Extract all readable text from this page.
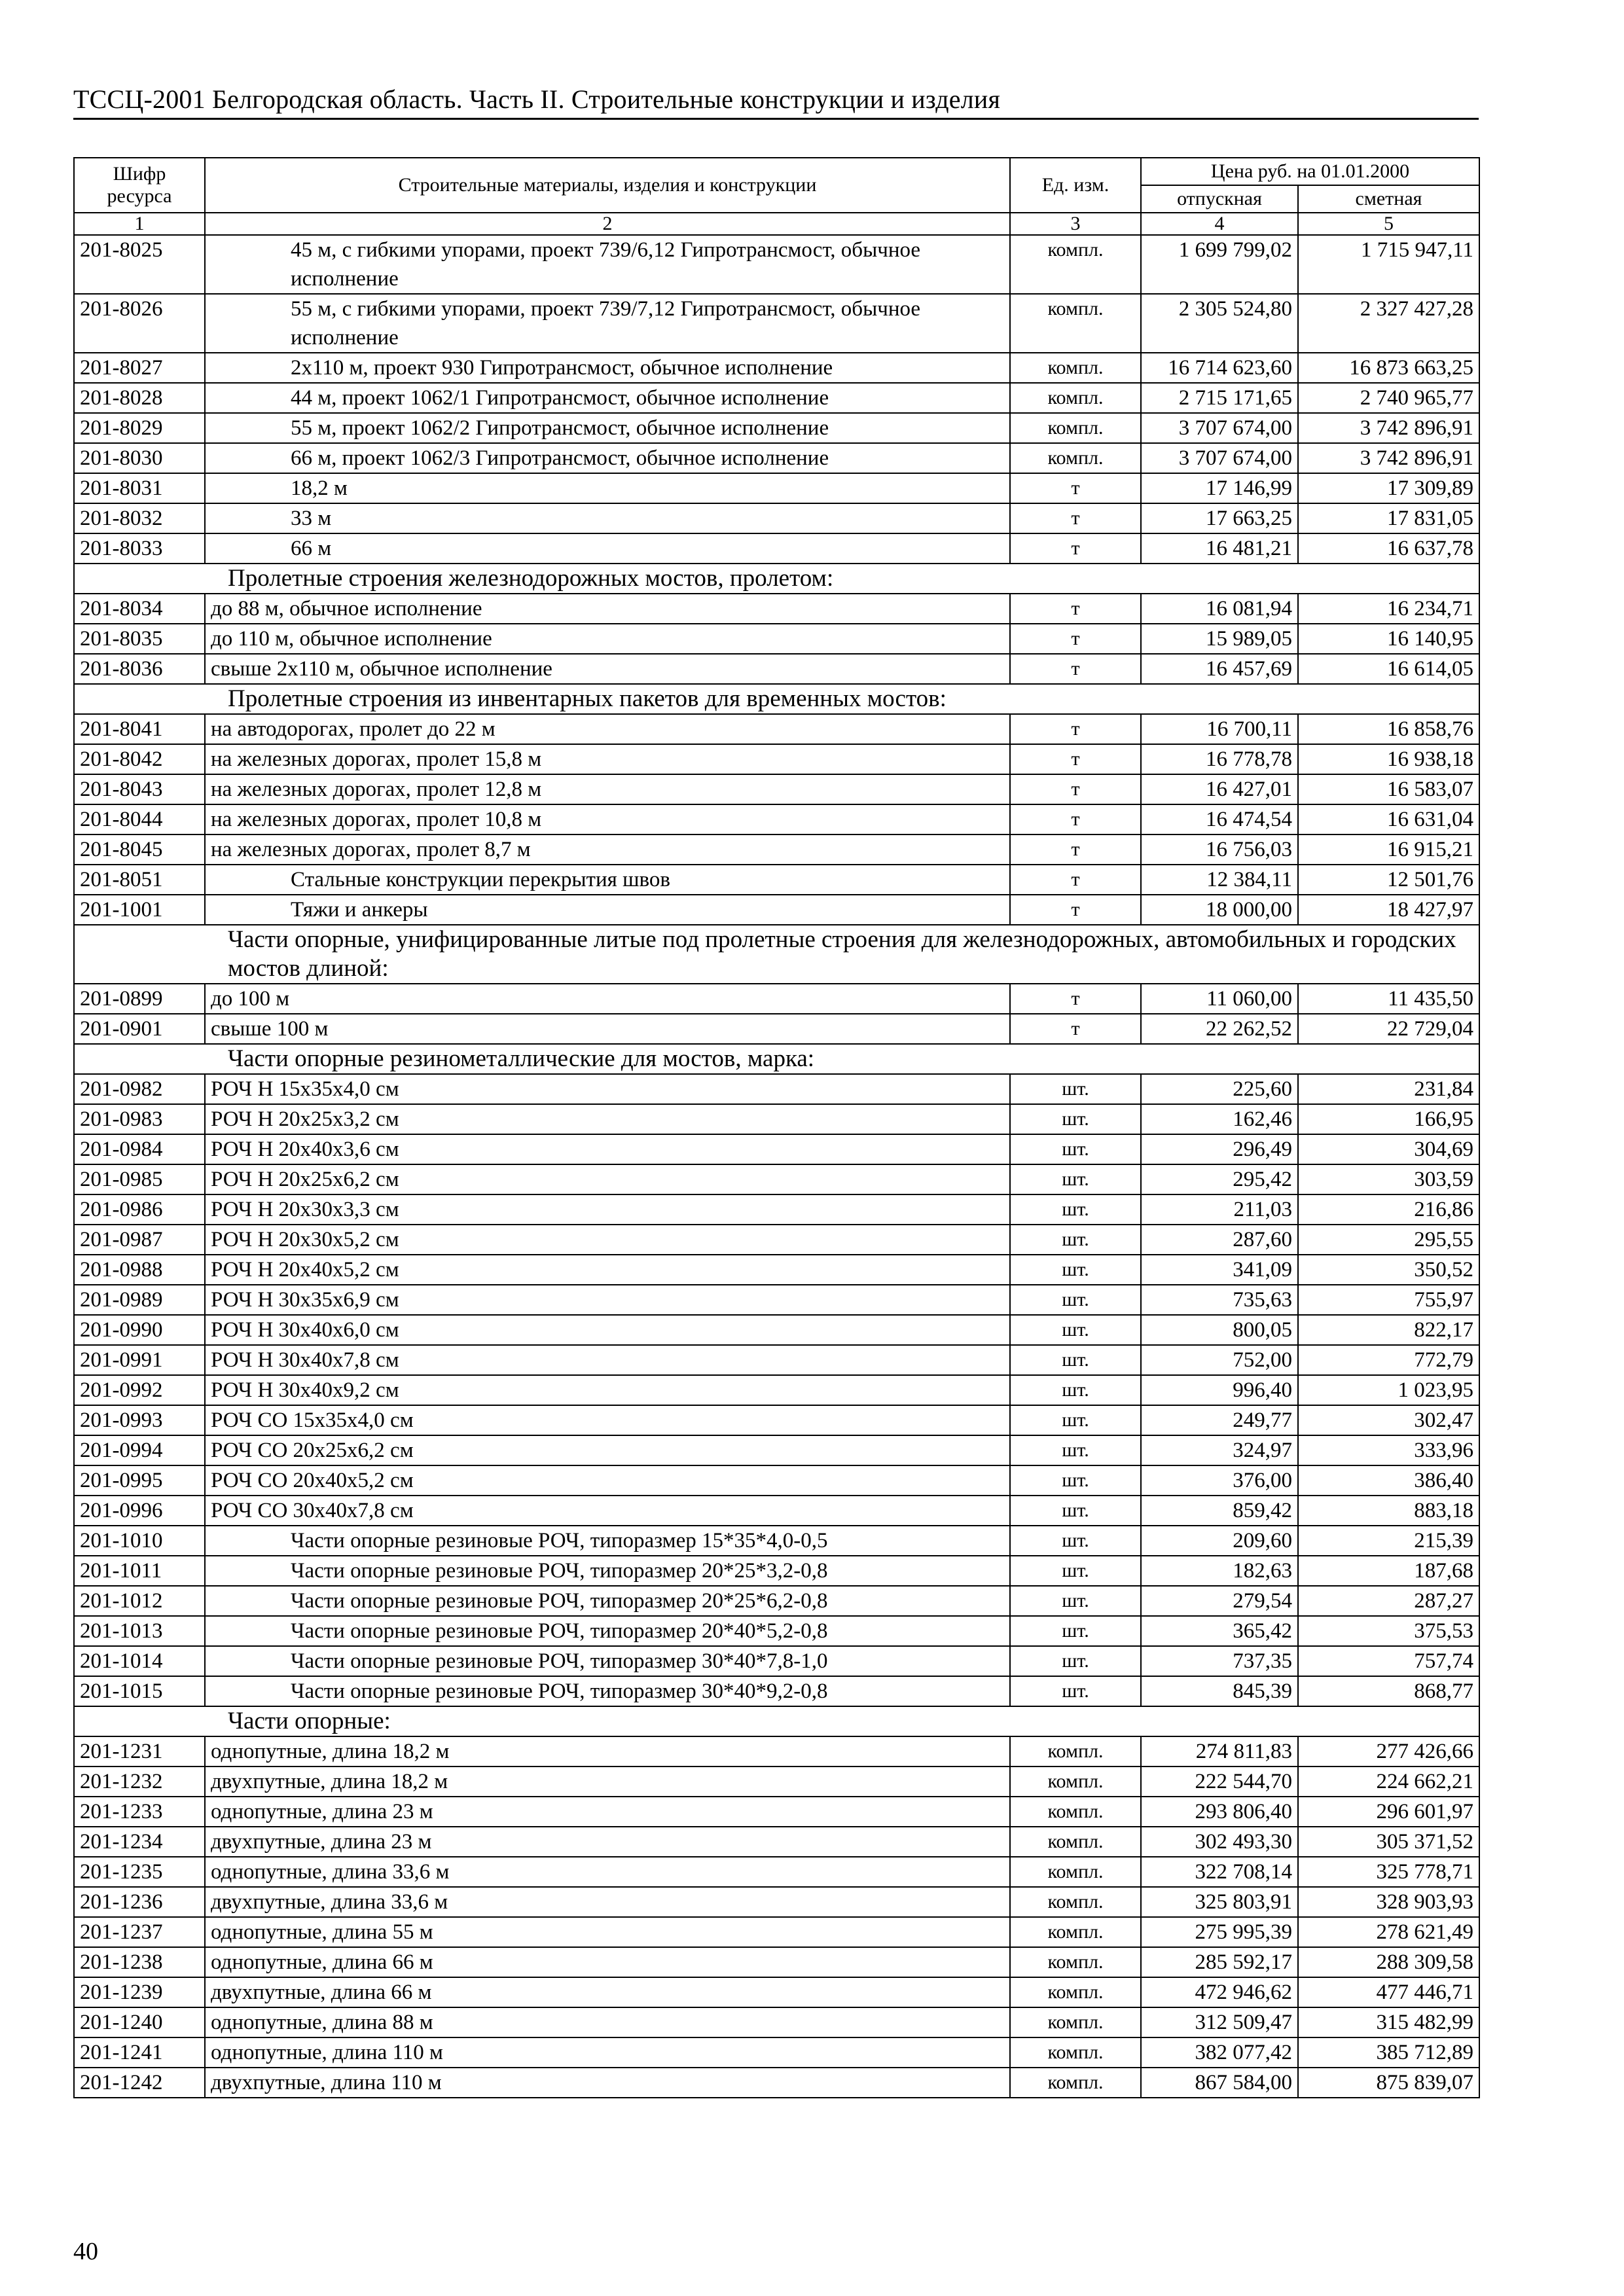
ТССЦ-2001 Белгородская область. Часть II. Строительные конструкции и изделия
Шифр ресурса	Строительные материалы, изделия и конструкции	Ед. изм.	Цена руб. на 01.01.2000	
			отпускная	сметная
1	2	3	4	5
201-8025	45 м, с гибкими упорами, проект 739/6,12 Гипротрансмост, обычное исполнение	компл.	1 699 799,02	1 715 947,11
201-8026	55 м, с гибкими упорами, проект 739/7,12 Гипротрансмост, обычное исполнение	компл.	2 305 524,80	2 327 427,28
201-8027	2х110 м, проект 930 Гипротрансмост, обычное исполнение	компл.	16 714 623,60	16 873 663,25
201-8028	44 м, проект 1062/1 Гипротрансмост, обычное исполнение	компл.	2 715 171,65	2 740 965,77
201-8029	55 м, проект 1062/2 Гипротрансмост, обычное исполнение	компл.	3 707 674,00	3 742 896,91
201-8030	66 м, проект 1062/3 Гипротрансмост, обычное исполнение	компл.	3 707 674,00	3 742 896,91
201-8031	18,2 м	т	17 146,99	17 309,89
201-8032	33 м	т	17 663,25	17 831,05
201-8033	66 м	т	16 481,21	16 637,78
Пролетные строения железнодорожных мостов, пролетом:				
201-8034	до 88 м, обычное исполнение	т	16 081,94	16 234,71
201-8035	до 110 м, обычное исполнение	т	15 989,05	16 140,95
201-8036	свыше 2х110 м, обычное исполнение	т	16 457,69	16 614,05
Пролетные строения из инвентарных пакетов для временных мостов:				
201-8041	на автодорогах, пролет до 22 м	т	16 700,11	16 858,76
201-8042	на железных дорогах, пролет 15,8 м	т	16 778,78	16 938,18
201-8043	на железных дорогах, пролет 12,8 м	т	16 427,01	16 583,07
201-8044	на железных дорогах, пролет 10,8 м	т	16 474,54	16 631,04
201-8045	на железных дорогах, пролет 8,7 м	т	16 756,03	16 915,21
201-8051	Стальные конструкции перекрытия швов	т	12 384,11	12 501,76
201-1001	Тяжи и анкеры	т	18 000,00	18 427,97
Части опорные, унифицированные литые под пролетные строения для железнодорожных, автомобильных и городских мостов длиной:				
201-0899	до 100 м	т	11 060,00	11 435,50
201-0901	свыше 100 м	т	22 262,52	22 729,04
Части опорные резинометаллические для мостов, марка:				
201-0982	РОЧ Н 15х35х4,0 см	шт.	225,60	231,84
201-0983	РОЧ Н 20х25х3,2 см	шт.	162,46	166,95
201-0984	РОЧ Н 20х40х3,6 см	шт.	296,49	304,69
201-0985	РОЧ Н 20х25х6,2 см	шт.	295,42	303,59
201-0986	РОЧ Н 20х30х3,3 см	шт.	211,03	216,86
201-0987	РОЧ Н 20х30х5,2 см	шт.	287,60	295,55
201-0988	РОЧ Н 20х40х5,2 см	шт.	341,09	350,52
201-0989	РОЧ Н 30х35х6,9 см	шт.	735,63	755,97
201-0990	РОЧ Н 30х40х6,0 см	шт.	800,05	822,17
201-0991	РОЧ Н 30х40х7,8 см	шт.	752,00	772,79
201-0992	РОЧ Н 30х40х9,2 см	шт.	996,40	1 023,95
201-0993	РОЧ СО 15х35х4,0 см	шт.	249,77	302,47
201-0994	РОЧ СО 20х25х6,2 см	шт.	324,97	333,96
201-0995	РОЧ СО 20х40х5,2 см	шт.	376,00	386,40
201-0996	РОЧ СО 30х40х7,8 см	шт.	859,42	883,18
201-1010	Части опорные резиновые РОЧ, типоразмер 15*35*4,0-0,5	шт.	209,60	215,39
201-1011	Части опорные резиновые РОЧ, типоразмер 20*25*3,2-0,8	шт.	182,63	187,68
201-1012	Части опорные резиновые РОЧ, типоразмер 20*25*6,2-0,8	шт.	279,54	287,27
201-1013	Части опорные резиновые РОЧ, типоразмер 20*40*5,2-0,8	шт.	365,42	375,53
201-1014	Части опорные резиновые РОЧ, типоразмер 30*40*7,8-1,0	шт.	737,35	757,74
201-1015	Части опорные резиновые РОЧ, типоразмер 30*40*9,2-0,8	шт.	845,39	868,77
Части опорные:				
201-1231	однопутные, длина 18,2 м	компл.	274 811,83	277 426,66
201-1232	двухпутные, длина 18,2 м	компл.	222 544,70	224 662,21
201-1233	однопутные, длина 23 м	компл.	293 806,40	296 601,97
201-1234	двухпутные, длина 23 м	компл.	302 493,30	305 371,52
201-1235	однопутные, длина 33,6 м	компл.	322 708,14	325 778,71
201-1236	двухпутные, длина 33,6 м	компл.	325 803,91	328 903,93
201-1237	однопутные, длина 55 м	компл.	275 995,39	278 621,49
201-1238	однопутные, длина 66 м	компл.	285 592,17	288 309,58
201-1239	двухпутные, длина 66 м	компл.	472 946,62	477 446,71
201-1240	однопутные, длина 88 м	компл.	312 509,47	315 482,99
201-1241	однопутные, длина 110 м	компл.	382 077,42	385 712,89
201-1242	двухпутные, длина 110 м	компл.	867 584,00	875 839,07
40
